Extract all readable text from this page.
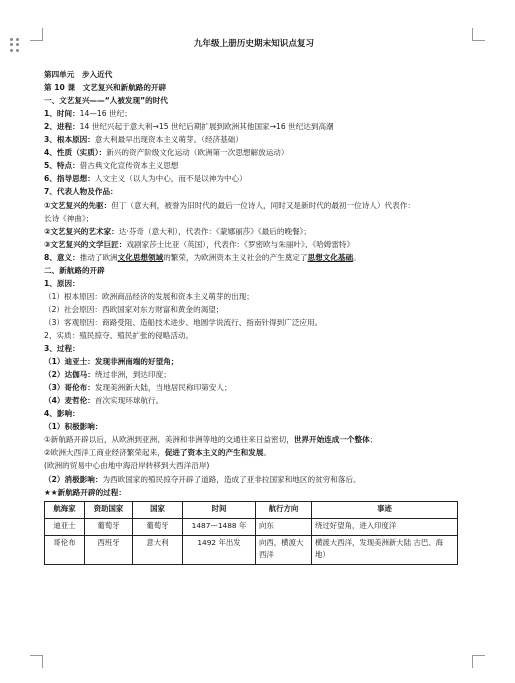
九年级上册历史期末知识点复习
第四单元　步入近代
第 10 课　文艺复兴和新航路的开辟
一、文艺复兴——“人被发现”的时代
1、时间：14—16 世纪；
2、进程：14 世纪兴起于意大利→15 世纪后期扩展到欧洲其他国家→16 世纪达到高潮
3、根本原因：意大利最早出现资本主义萌芽。（经济基础）
4、性质（实质）：新兴的资产阶级文化运动（欧洲第一次思想解放运动）
5、特点：借古典文化宣传资本主义思想
6、指导思想：人文主义（以人为中心，而不是以神为中心）
7、代表人物及作品：
①文艺复兴的先驱：但丁（意大利，被誉为旧时代的最后一位诗人，同时又是新时代的最初一位诗人）代表作：
长诗《神曲》；
②文艺复兴的艺术家：达·芬奇（意大利），代表作：《蒙娜丽莎》《最后的晚餐》；
③文艺复兴的文学巨匠：戏剧家莎士比亚（英国），代表作：《罗密欧与朱丽叶》、《哈姆雷特》
8、意义：推动了欧洲文化思想领域的繁荣，为欧洲资本主义社会的产生奠定了思想文化基础。
二、新航路的开辟
1、原因：
（1）根本原因：欧洲商品经济的发展和资本主义萌芽的出现；
（2）社会原因：西欧国家对东方财富和黄金的渴望；
（3）客观原因：商路受阻、造船技术进步、地圆学说流行、指南针得到广泛应用。
2、实质：殖民掠夺、殖民扩张的侵略活动。
3、过程：
（1）迪亚士：发现非洲南端的好望角；
（2）达伽马：绕过非洲，到达印度；
（3）哥伦布：发现美洲新大陆，当地居民称印第安人；
（4）麦哲伦：首次实现环球航行。
4、影响：
（1）积极影响：
①新航路开辟以后，从欧洲到亚洲、美洲和非洲等地的交通往来日益密切，世界开始连成一个整体；
②欧洲大西洋工商业经济繁荣起来，促进了资本主义的产生和发展。
(欧洲的贸易中心由地中海沿岸转移到大西洋沿岸)
（2）消极影响：为西欧国家的殖民掠夺开辟了道路，造成了亚非拉国家和地区的贫穷和落后。
★★新航路开辟的过程：
航海家	资助国家	国家	时间	航行方向	事迹
迪亚士	葡萄牙	葡萄牙	1487—1488 年	向东	绕过好望角，进入印度洋
哥伦布	西班牙	意大利	1492 年出发	向西，横渡大西洋	横渡大西洋，发现美洲新大陆 古巴、海地）
